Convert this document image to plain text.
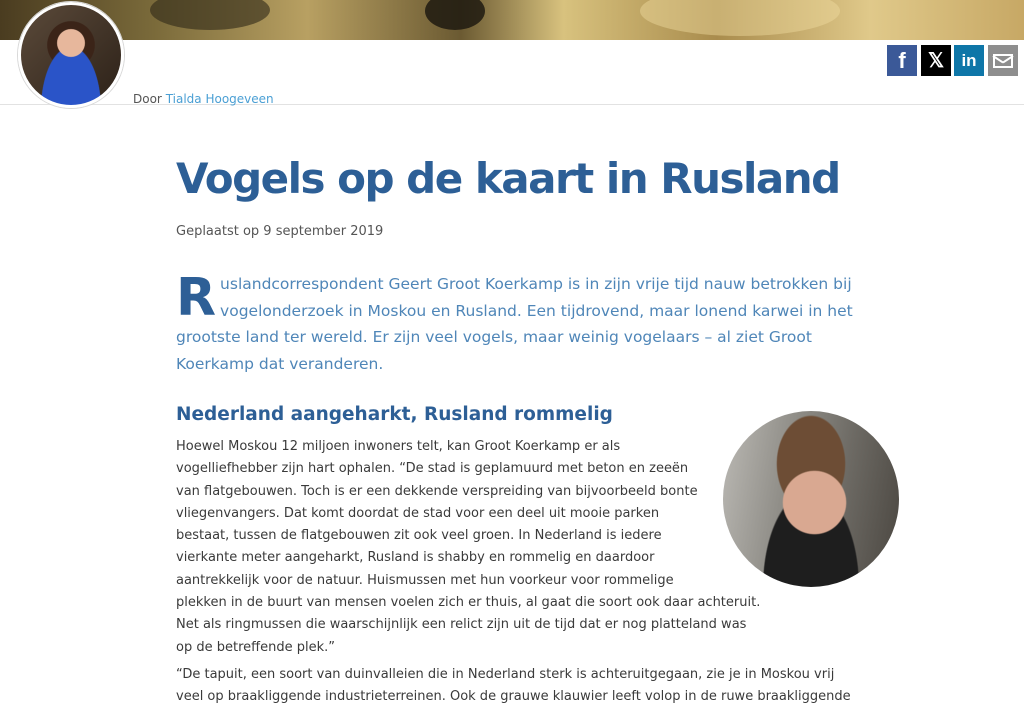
Door Tialda Hoogeveen
f 𝕏 in
Vogels op de kaart in Rusland
Geplaatst op 9 september 2019

Ruslandcorrespondent Geert Groot Koerkamp is in zijn vrije tijd nauw betrokken bij vogelonderzoek in Moskou en Rusland. Een tijdrovend, maar lonend karwei in het grootste land ter wereld. Er zijn veel vogels, maar weinig vogelaars – al ziet Groot Koerkamp dat veranderen.

Nederland aangeharkt, Rusland rommelig

Hoewel Moskou 12 miljoen inwoners telt, kan Groot Koerkamp er als vogelliefhebber zijn hart ophalen. “De stad is geplamuurd met beton en zeeën van flatgebouwen. Toch is er een dekkende verspreiding van bijvoorbeeld bonte vliegenvangers. Dat komt doordat de stad voor een deel uit mooie parken bestaat, tussen de flatgebouwen zit ook veel groen. In Nederland is iedere vierkante meter aangeharkt, Rusland is shabby en rommelig en daardoor aantrekkelijk voor de natuur. Huismussen met hun voorkeur voor rommelige plekken in de buurt van mensen voelen zich er thuis, al gaat die soort ook daar achteruit. Net als ringmussen die waarschijnlijk een relict zijn uit de tijd dat er nog platteland was op de betreffende plek.”

“De tapuit, een soort van duinvalleien die in Nederland sterk is achteruitgegaan, zie je in Moskou vrij veel op braakliggende industrieterreinen. Ook de grauwe klauwier leeft volop in de ruwe braakliggende
